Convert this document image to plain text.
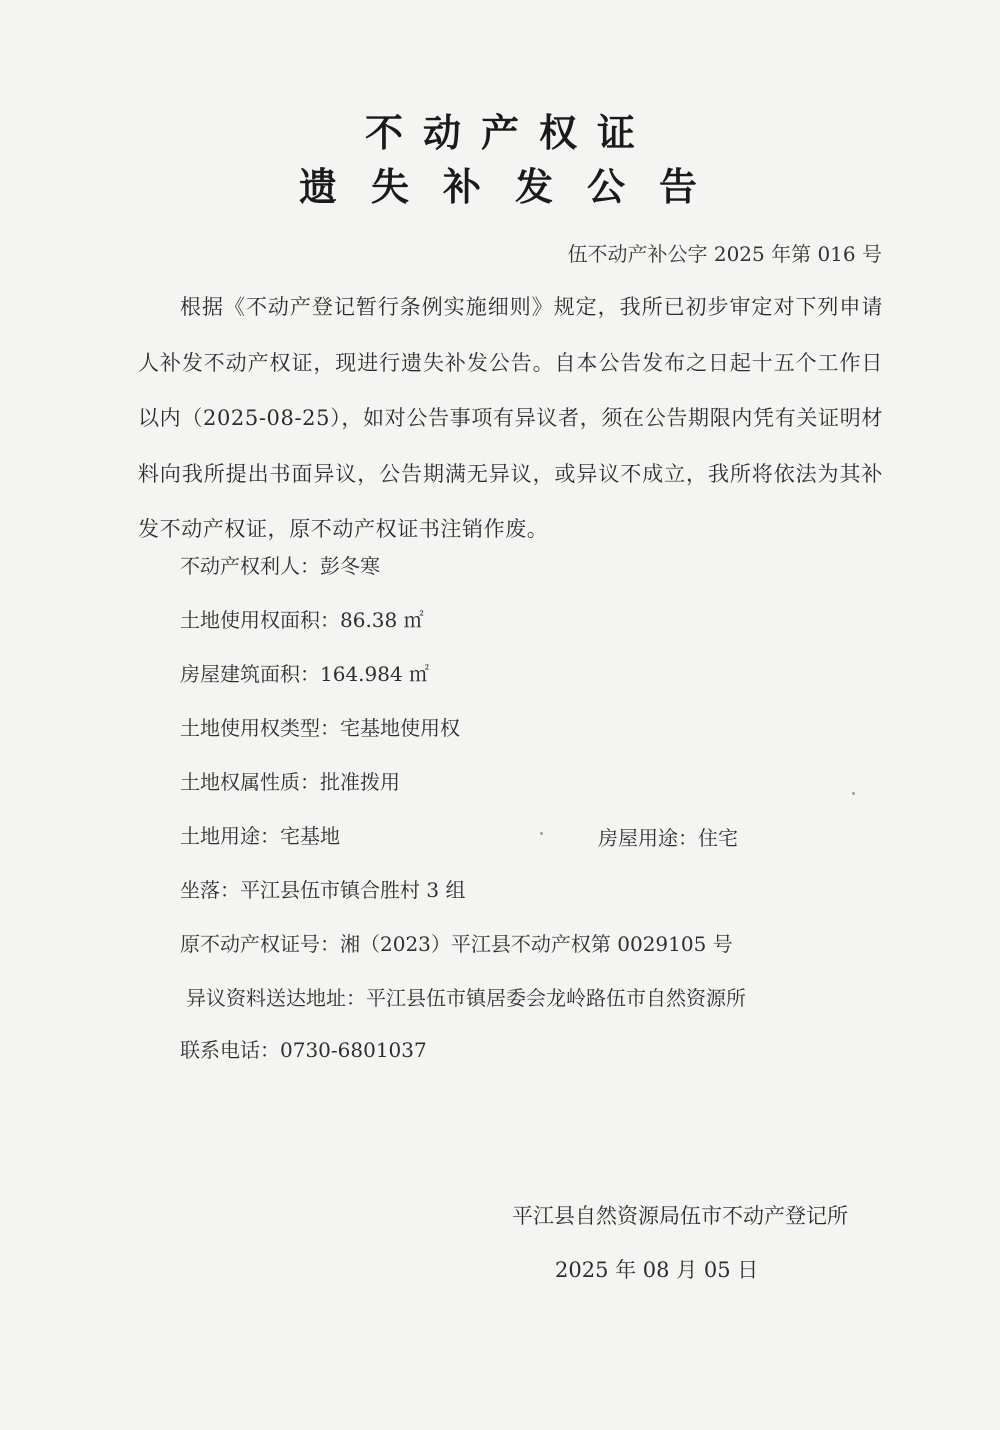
不动产权证
遗失补发公告
伍不动产补公字 2025 年第 016 号
根据《不动产登记暂行条例实施细则》规定，我所已初步审定对下列申请人补发不动产权证，现进行遗失补发公告。自本公告发布之日起十五个工作日以内（2025-08-25），如对公告事项有异议者，须在公告期限内凭有关证明材料向我所提出书面异议，公告期满无异议，或异议不成立，我所将依法为其补发不动产权证，原不动产权证书注销作废。
不动产权利人：彭冬寒
土地使用权面积：86.38 ㎡
房屋建筑面积：164.984 ㎡
土地使用权类型：宅基地使用权
土地权属性质：批准拨用
土地用途：宅基地	房屋用途：住宅
坐落：平江县伍市镇合胜村 3 组
原不动产权证号：湘（2023）平江县不动产权第 0029105 号
异议资料送达地址：平江县伍市镇居委会龙岭路伍市自然资源所
联系电话：0730-6801037
平江县自然资源局伍市不动产登记所
2025 年 08 月 05 日
